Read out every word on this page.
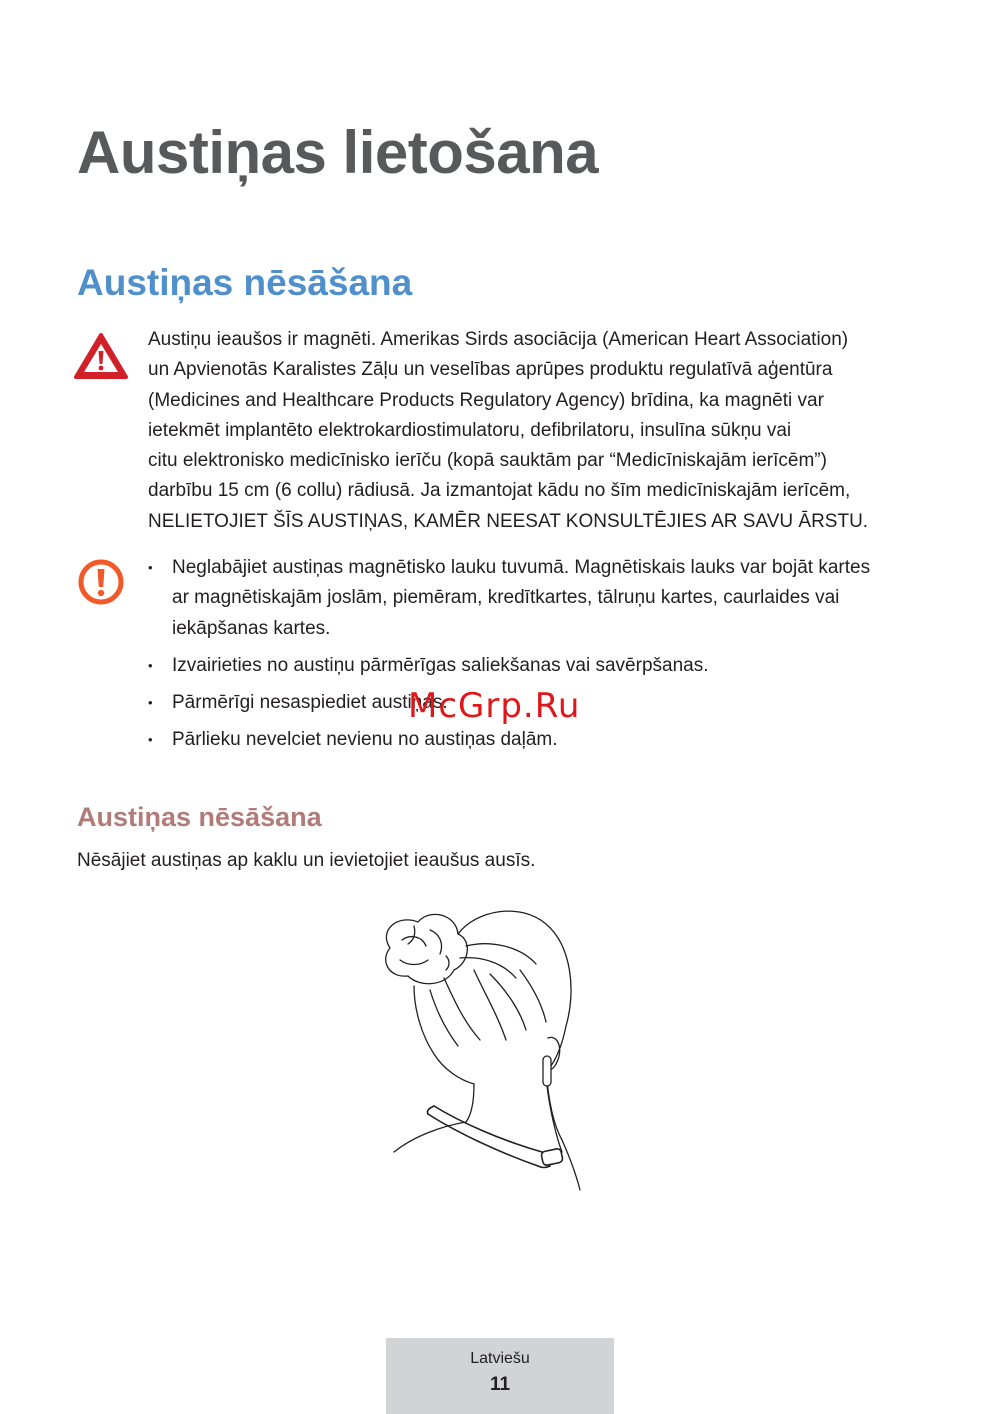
Austiņas lietošana
Austiņas nēsāšana

Austiņu ieaušos ir magnēti. Amerikas Sirds asociācija (American Heart Association)

un Apvienotās Karalistes Zāļu un veselības aprūpes produktu regulatīvā aģentūra

(Medicines and Healthcare Products Regulatory Agency) brīdina, ka magnēti var

ietekmēt implantēto elektrokardiostimulatoru, defibrilatoru, insulīna sūkņu vai

citu elektronisko medicīnisko ierīču (kopā sauktām par “Medicīniskajām ierīcēm”)

darbību 15 cm (6 collu) rādiusā. Ja izmantojat kādu no šīm medicīniskajām ierīcēm,

NELIETOJIET ŠĪS AUSTIŅAS, KAMĒR NEESAT KONSULTĒJIES AR SAVU ĀRSTU.

• Neglabājiet austiņas magnētisko lauku tuvumā. Magnētiskais lauks var bojāt kartes
ar magnētiskajām joslām, piemēram, kredītkartes, tālruņu kartes, caurlaides vai
iekāpšanas kartes.
• Izvairieties no austiņu pārmērīgas saliekšanas vai savērpšanas.
• Pārmērīgi nesaspiediet austiņas.
• Pārlieku nevelciet nevienu no austiņas daļām.
McGrp.Ru
Austiņas nēsāšana

Nēsājiet austiņas ap kaklu un ievietojiet ieaušus ausīs.

Latviešu
11
